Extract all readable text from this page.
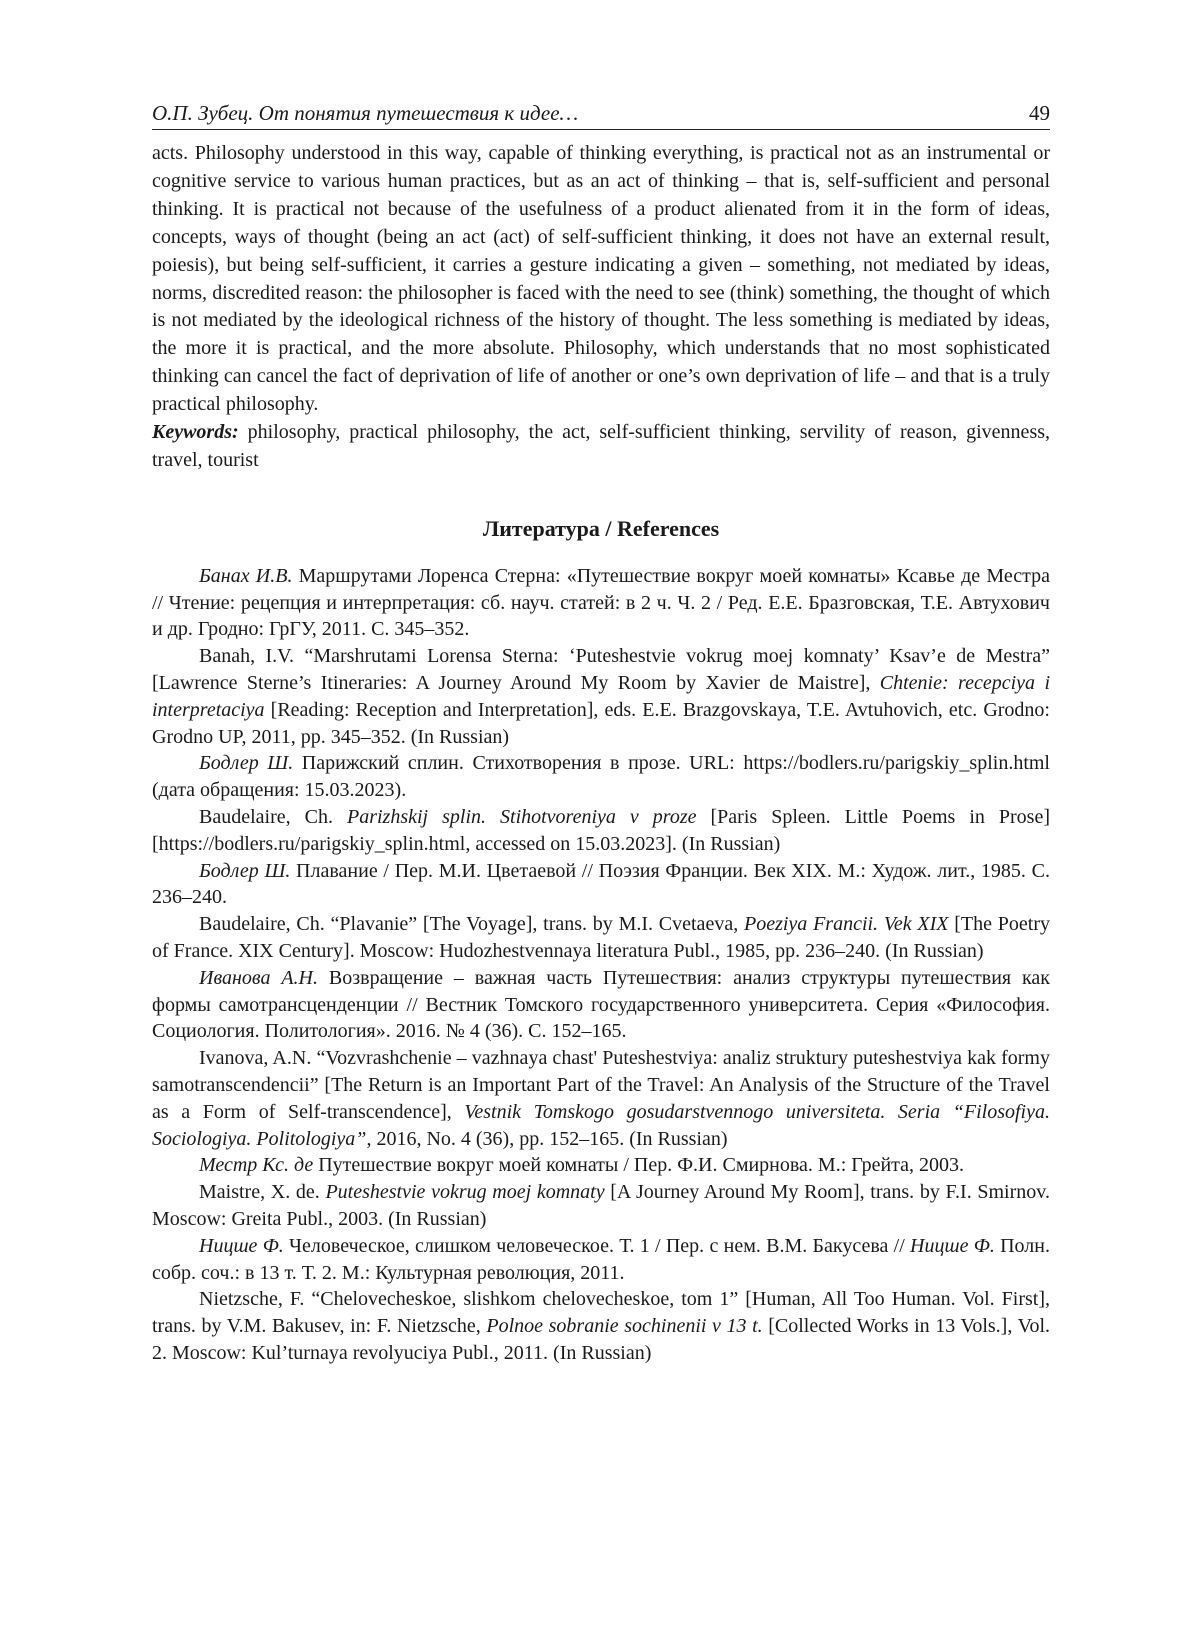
О.П. Зубец. От понятия путешествия к идее…	49

acts. Philosophy understood in this way, capable of thinking everything, is practical not as an instrumental or cognitive service to various human practices, but as an act of thinking – that is, self-sufficient and personal thinking. It is practical not because of the usefulness of a product alienated from it in the form of ideas, concepts, ways of thought (being an act (act) of self-sufficient thinking, it does not have an external result, poiesis), but being self-sufficient, it carries a gesture indicating a given – something, not mediated by ideas, norms, discredited reason: the philosopher is faced with the need to see (think) something, the thought of which is not mediated by the ideological richness of the history of thought. The less something is mediated by ideas, the more it is practical, and the more absolute. Philosophy, which understands that no most sophisticated thinking can cancel the fact of deprivation of life of another or one’s own deprivation of life – and that is a truly practical philosophy.

Keywords: philosophy, practical philosophy, the act, self-sufficient thinking, servility of reason, givenness, travel, tourist

Литература / References

Банах И.В. Маршрутами Лоренса Стерна: «Путешествие вокруг моей комнаты» Ксавье де Местра // Чтение: рецепция и интерпретация: сб. науч. статей: в 2 ч. Ч. 2 / Ред. Е.Е. Бразговская, Т.Е. Автухович и др. Гродно: ГрГУ, 2011. С. 345–352.

Banah, I.V. “Marshrutami Lorensa Sterna: ‘Puteshestvie vokrug moej komnaty’ Ksav’e de Mestra” [Lawrence Sterne’s Itineraries: A Journey Around My Room by Xavier de Maistre], Chtenie: recepciya i interpretaciya [Reading: Reception and Interpretation], eds. E.E. Brazgovskaya, T.E. Avtuhovich, etc. Grodno: Grodno UP, 2011, pp. 345–352. (In Russian)

Бодлер Ш. Парижский сплин. Стихотворения в прозе. URL: https://bodlers.ru/parigskiy_splin.html (дата обращения: 15.03.2023).

Baudelaire, Ch. Parizhskij splin. Stihotvoreniya v proze [Paris Spleen. Little Poems in Prose] [https://bodlers.ru/parigskiy_splin.html, accessed on 15.03.2023]. (In Russian)

Бодлер Ш. Плавание / Пер. М.И. Цветаевой // Поэзия Франции. Век XIX. М.: Худож. лит., 1985. С. 236–240.

Baudelaire, Ch. “Plavanie” [The Voyage], trans. by M.I. Cvetaeva, Poeziya Francii. Vek XIX [The Poetry of France. XIX Century]. Moscow: Hudozhestvennaya literatura Publ., 1985, pp. 236–240. (In Russian)

Иванова А.Н. Возвращение – важная часть Путешествия: анализ структуры путешествия как формы самотрансценденции // Вестник Томского государственного университета. Серия «Философия. Социология. Политология». 2016. № 4 (36). С. 152–165.

Ivanova, A.N. “Vozvrashchenie – vazhnaya chast' Puteshestviya: analiz struktury puteshestviya kak formy samotranscendencii” [The Return is an Important Part of the Travel: An Analysis of the Structure of the Travel as a Form of Self-transcendence], Vestnik Tomskogo gosudarstvennogo universiteta. Seria “Filosofiya. Sociologiya. Politologiya”, 2016, No. 4 (36), pp. 152–165. (In Russian)

Местр Кс. де Путешествие вокруг моей комнаты / Пер. Ф.И. Смирнова. М.: Грейта, 2003.

Maistre, X. de. Puteshestvie vokrug moej komnaty [A Journey Around My Room], trans. by F.I. Smirnov. Moscow: Greita Publ., 2003. (In Russian)

Ницше Ф. Человеческое, слишком человеческое. Т. 1 / Пер. с нем. В.М. Бакусева // Ницше Ф. Полн. собр. соч.: в 13 т. Т. 2. М.: Культурная революция, 2011.

Nietzsche, F. “Chelovecheskoe, slishkom chelovecheskoe, tom 1” [Human, All Too Human. Vol. First], trans. by V.M. Bakusev, in: F. Nietzsche, Polnoe sobranie sochinenii v 13 t. [Collected Works in 13 Vols.], Vol. 2. Moscow: Kul’turnaya revolyuciya Publ., 2011. (In Russian)
